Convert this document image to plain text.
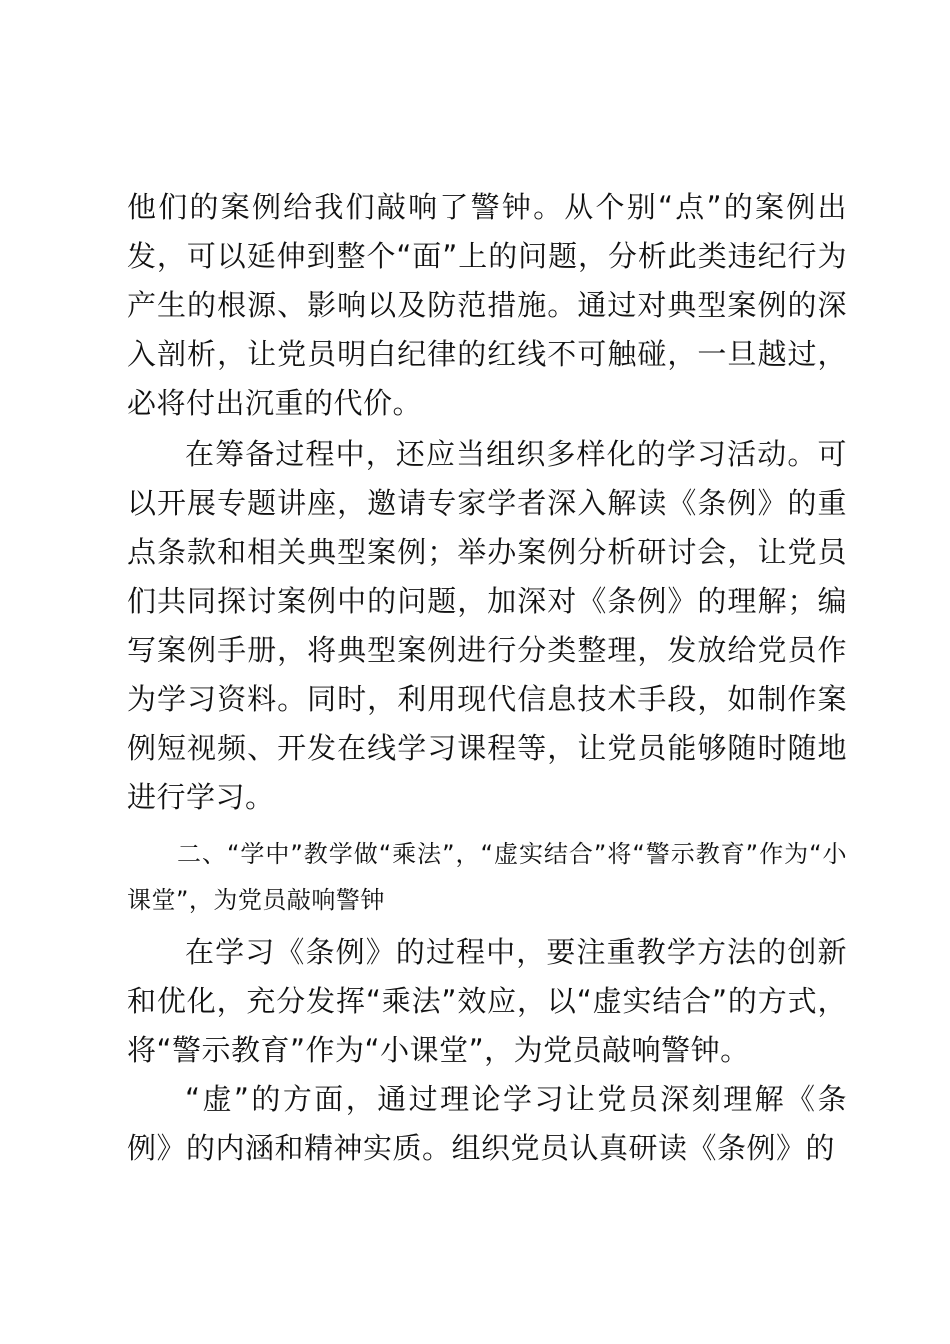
他们的案例给我们敲响了警钟。从个别“点”的案例出发，可以延伸到整个“面”上的问题，分析此类违纪行为产生的根源、影响以及防范措施。通过对典型案例的深入剖析，让党员明白纪律的红线不可触碰，一旦越过，必将付出沉重的代价。

在筹备过程中，还应当组织多样化的学习活动。可以开展专题讲座，邀请专家学者深入解读《条例》的重点条款和相关典型案例；举办案例分析研讨会，让党员们共同探讨案例中的问题，加深对《条例》的理解；编写案例手册，将典型案例进行分类整理，发放给党员作为学习资料。同时，利用现代信息技术手段，如制作案例短视频、开发在线学习课程等，让党员能够随时随地进行学习。

二、“学中”教学做“乘法”，“虚实结合”将“警示教育”作为“小课堂”，为党员敲响警钟

在学习《条例》的过程中，要注重教学方法的创新和优化，充分发挥“乘法”效应，以“虚实结合”的方式，将“警示教育”作为“小课堂”，为党员敲响警钟。

“虚”的方面，通过理论学习让党员深刻理解《条例》的内涵和精神实质。组织党员认真研读《条例》的
